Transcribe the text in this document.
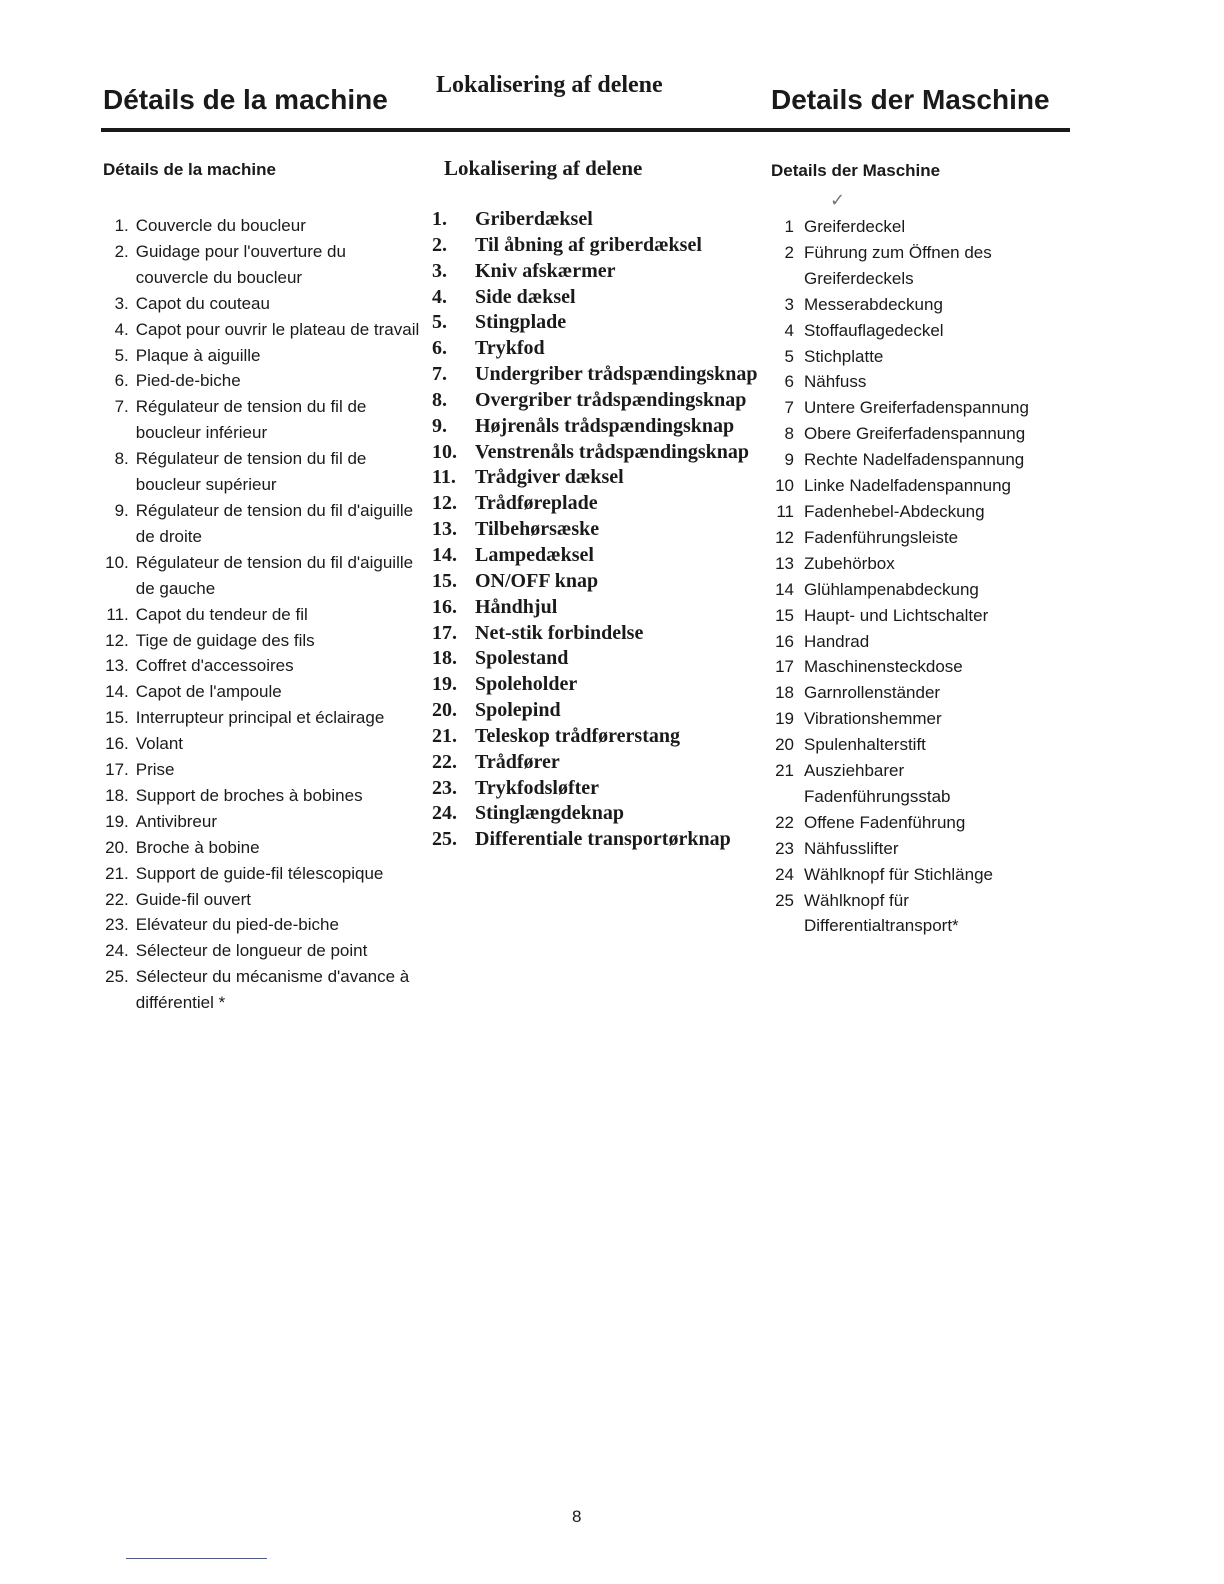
Détails de la machine Lokalisering af delene	Details der Maschine
Détails de la machine
1. Couvercle du boucleur
2. Guidage pour l'ouverture du couvercle du boucleur
3. Capot du couteau
4. Capot pour ouvrir le plateau de travail
5. Plaque à aiguille
6. Pied-de-biche
7. Régulateur de tension du fil de boucleur inférieur
8. Régulateur de tension du fil de boucleur supérieur
9. Régulateur de tension du fil d'aiguille de droite
10. Régulateur de tension du fil d'aiguille de gauche
11. Capot du tendeur de fil
12. Tige de guidage des fils
13. Coffret d'accessoires
14. Capot de l'ampoule
15. Interrupteur principal et éclairage
16. Volant
17. Prise
18. Support de broches à bobines
19. Antivibreur
20. Broche à bobine
21. Support de guide-fil télescopique
22. Guide-fil ouvert
23. Elévateur du pied-de-biche
24. Sélecteur de longueur de point
25. Sélecteur du mécanisme d'avance à différentiel *
Lokalisering af delene
1.	Griberdæksel
2.	Til åbning af griberdæksel
3.	Kniv afskærmer
4.	Side dæksel
5.	Stingplade
6.	Trykfod
7.	Undergriber trådspændingsknap
8.	Overgriber trådspændingsknap
9.	Højrenåls trådspændingsknap
10. Venstrenåls trådspændingsknap
11. Trådgiver dæksel
12. Trådføreplade
13. Tilbehørsæske
14. Lampedæksel
15. ON/OFF knap
16. Håndhjul
17. Net-stik forbindelse
18. Spolestand
19. Spoleholder
20. Spolepind
21. Teleskop trådførerstang
22. Trådfører
23. Trykfodsløfter
24. Stinglængdeknap
25. Differentiale transportørknap
Details der Maschine
1 Greiferdeckel
2 Führung zum Öffnen des Greiferdeckels
3 Messerabdeckung
4 Stoffauflagedeckel
5 Stichplatte
6 Nähfuss
7 Untere Greiferfadenspannung
8 Obere Greiferfadenspannung
9 Rechte Nadelfadenspannung
10 Linke Nadelfadenspannung
11 Fadenhebel-Abdeckung
12 Fadenführungsleiste
13 Zubehörbox
14 Glühlampenabdeckung
15 Haupt- und Lichtschalter
16 Handrad
17 Maschinensteckdose
18 Garnrollenständer
19 Vibrationshemmer
20 Spulenhalterstift
21 Ausziehbarer Fadenführungsstab
22 Offene Fadenführung
23 Nähfusslifter
24 Wählknopf für Stichlänge
25 Wählknopf für Differentialtransport*
✓
8
